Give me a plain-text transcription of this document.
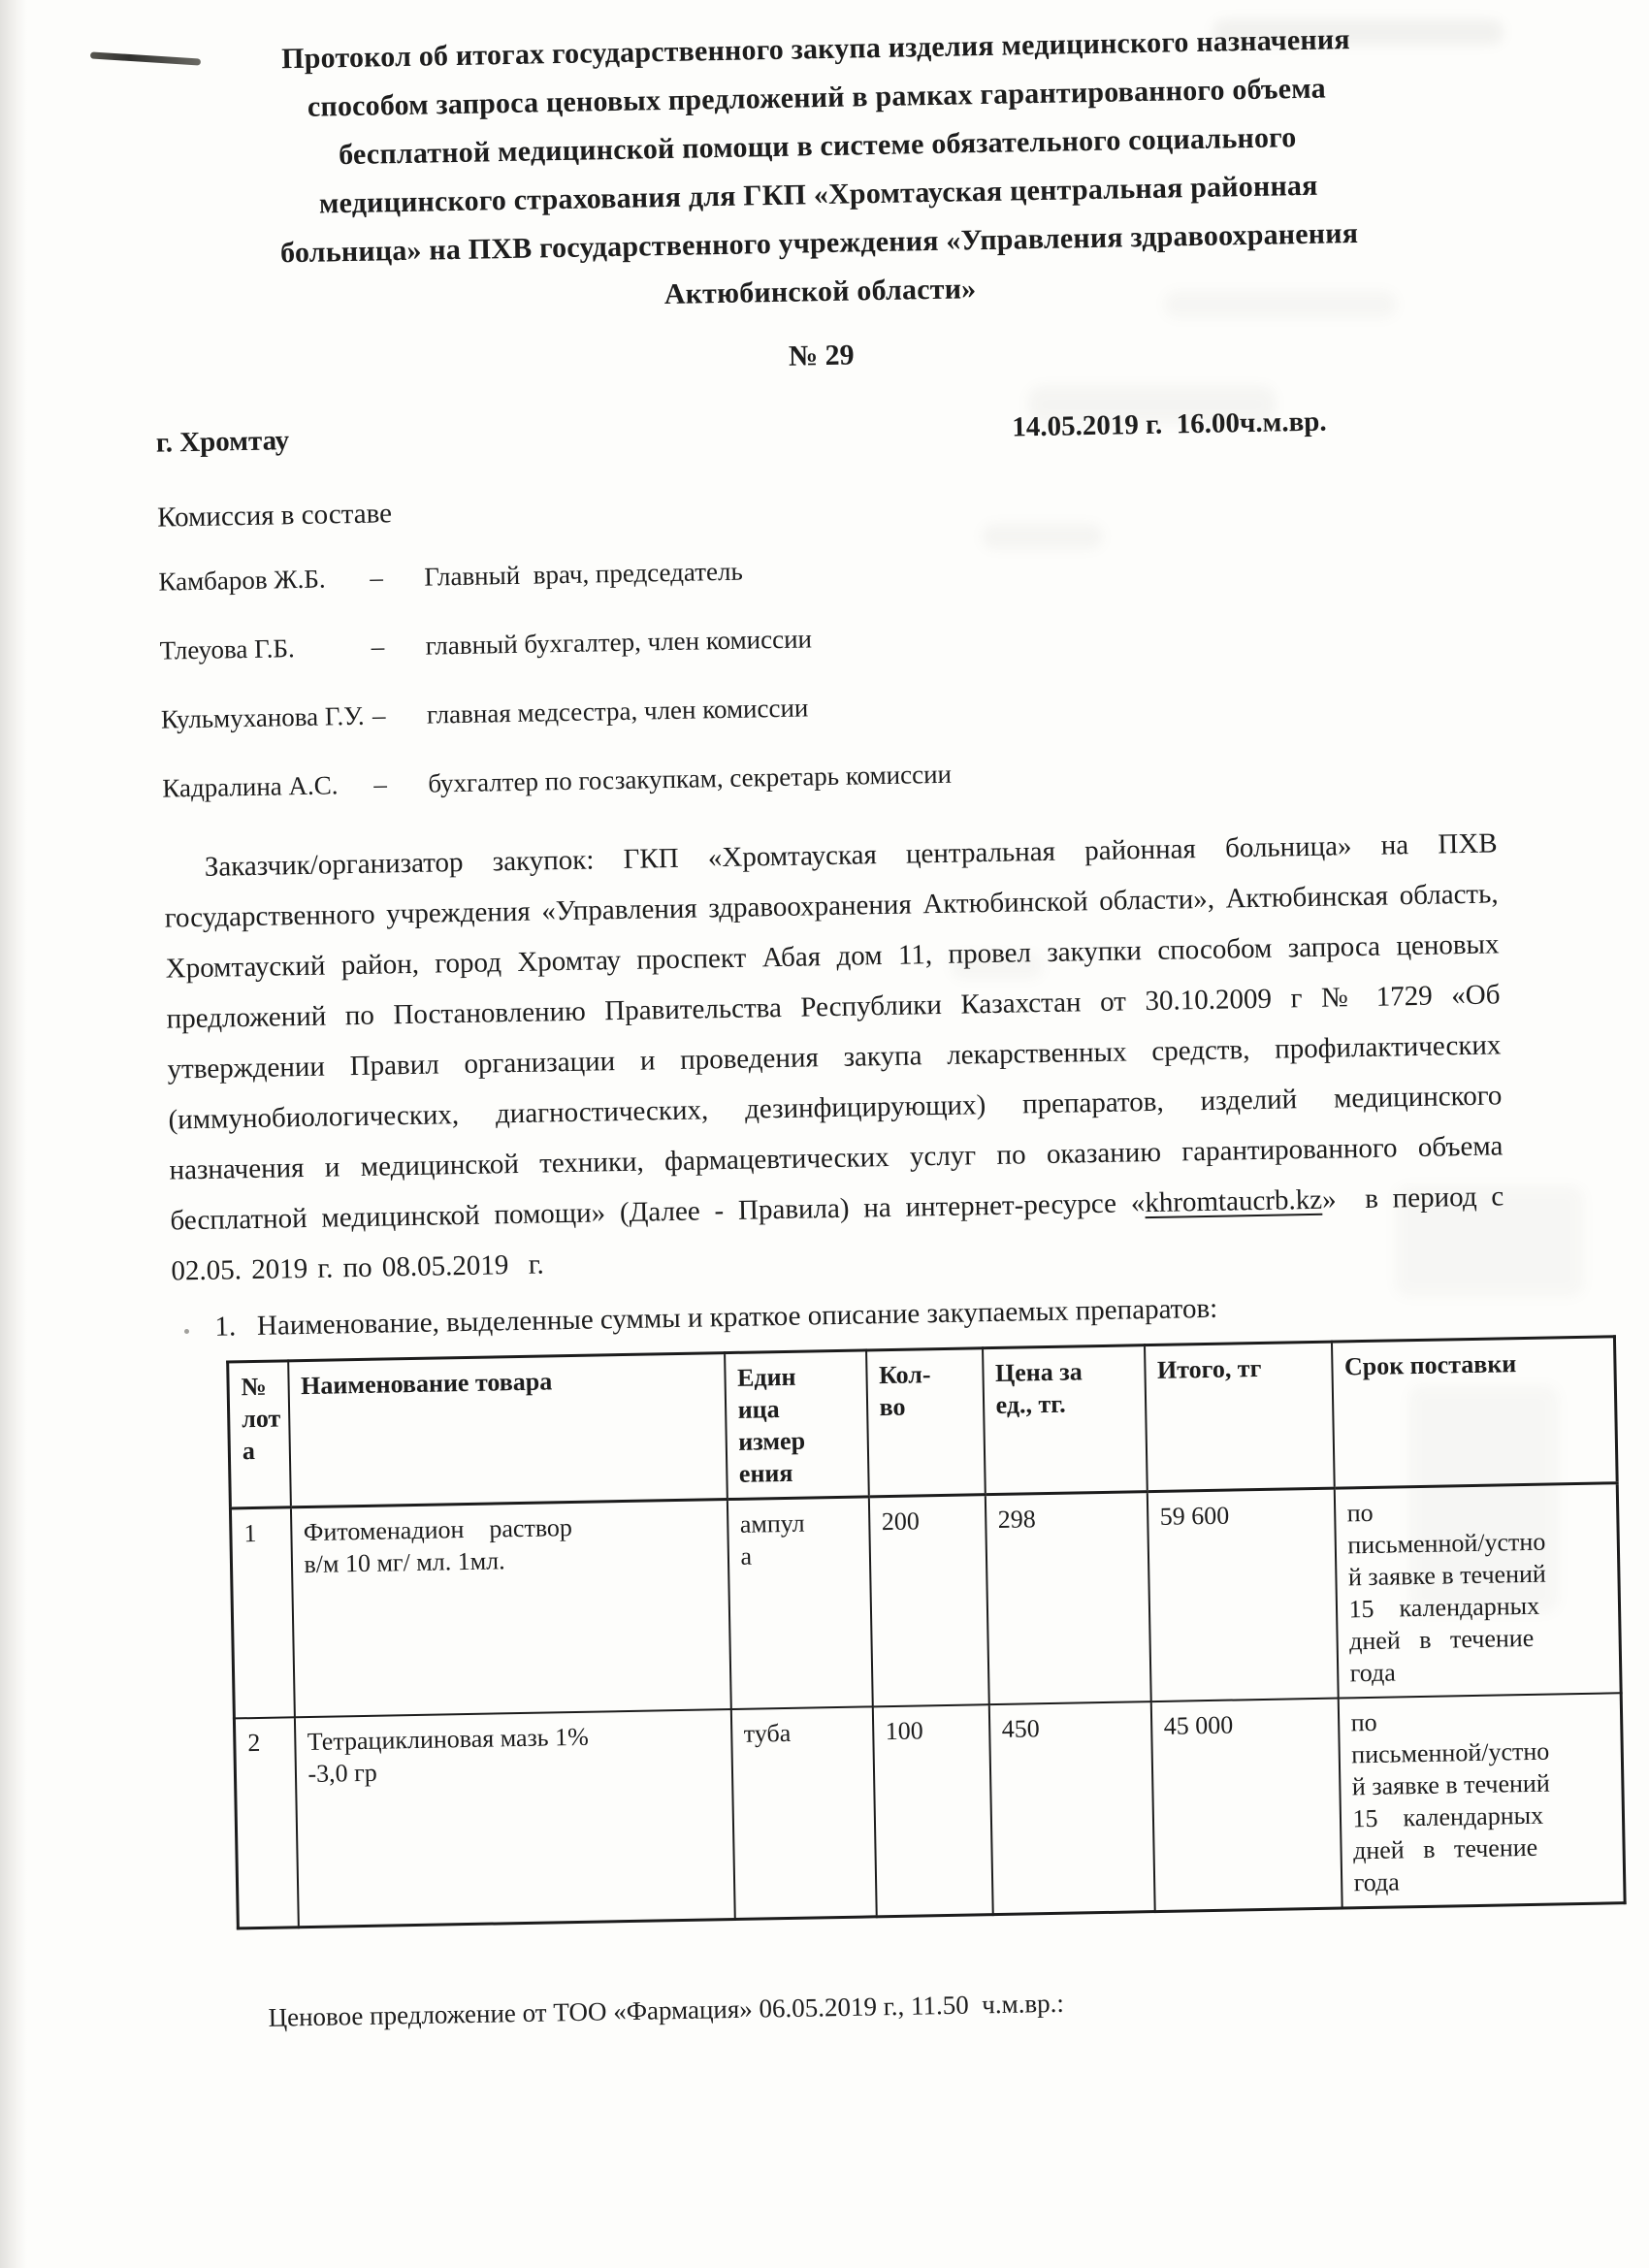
Протокол об итогах государственного закупа изделия медицинского назначения
способом запроса ценовых предложений в рамках гарантированного объема
бесплатной медицинской помощи в системе обязательного социального
медицинского страхования для ГКП «Хромтауская центральная районная
больница» на ПХВ государственного учреждения «Управления здравоохранения
Актюбинской области»
№ 29
г. Хромтау	14.05.2019 г.  16.00ч.м.вр.
Комиссия в составе
Камбаров Ж.Б.	–	Главный  врач, председатель
Тлеуова Г.Б.	–	главный бухгалтер, член комиссии
Кульмуханова Г.У. –	главная медсестра, член комиссии
Кадралина А.С.	–	бухгалтер по госзакупкам, секретарь комиссии
Заказчик/организатор закупок: ГКП «Хромтауская центральная районная больница» на ПХВ государственного учреждения «Управления здравоохранения Актюбинской области», Актюбинская область, Хромтауский район, город Хромтау проспект Абая дом 11, провел закупки способом запроса ценовых предложений по Постановлению Правительства Республики Казахстан от 30.10.2009 г № 1729 «Об утверждении Правил организации и проведения закупа лекарственных средств, профилактических (иммунобиологических, диагностических, дезинфицирующих) препаратов, изделий медицинского назначения и медицинской техники, фармацевтических услуг по оказанию гарантированного объема бесплатной медицинской помощи» (Далее - Правила) на интернет-ресурсе «khromtaucrb.kz»  в период с 02.05. 2019 г. по 08.05.2019  г.
1.   Наименование, выделенные суммы и краткое описание закупаемых препаратов:
№
лот
а	Наименование товара	Един
ица
измер
ения	Кол-
во	Цена за
ед., тг.	Итого, тг	Срок поставки
1	Фитоменадион    раствор
в/м 10 мг/ мл. 1мл.	ампул
а	200	298	59 600	по
письменной/устно
й заявке в течений
15    календарных
дней   в   течение
года
2	Тетрациклиновая мазь 1%
-3,0 гр	туба	100	450	45 000	по
письменной/устно
й заявке в течений
15    календарных
дней   в   течение
года
Ценовое предложение от ТОО «Фармация» 06.05.2019 г., 11.50  ч.м.вр.:
